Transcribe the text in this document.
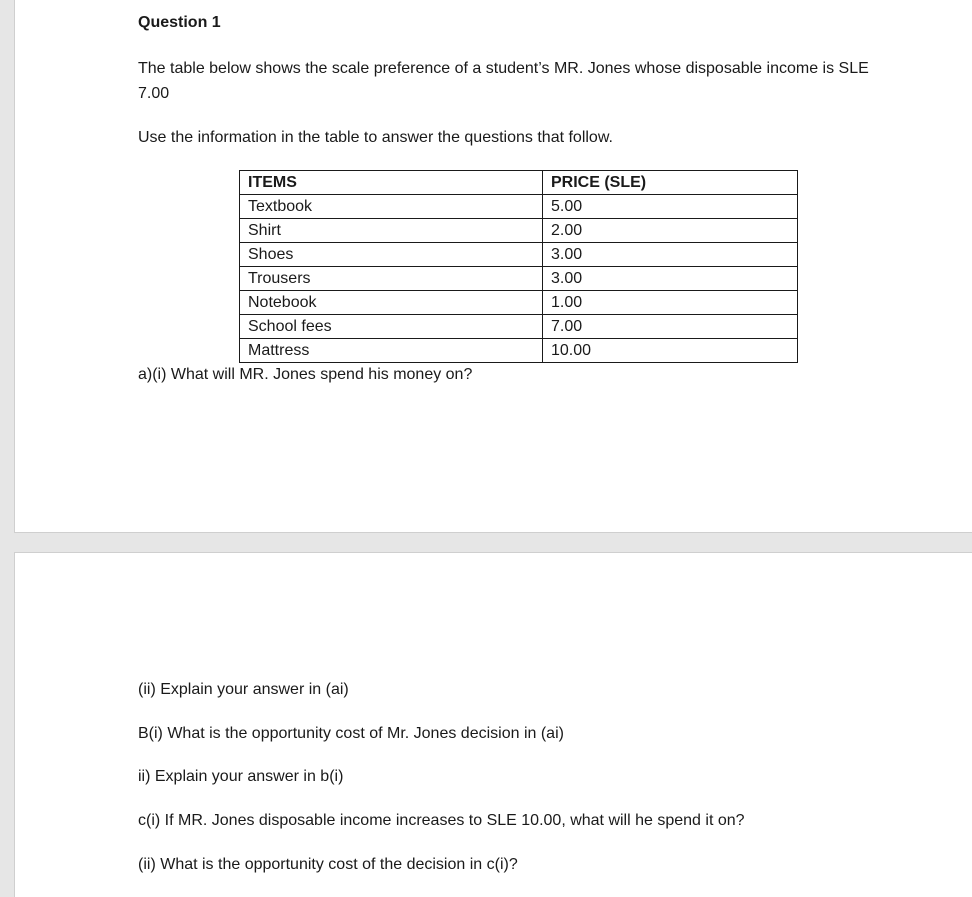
Question 1
The table below shows the scale preference of a student’s MR. Jones whose disposable income is SLE
7.00
Use the information in the table to answer the questions that follow.
ITEMS	PRICE (SLE)
Textbook	5.00
Shirt	2.00
Shoes	3.00
Trousers	3.00
Notebook	1.00
School fees	7.00
Mattress	10.00
a)(i) What will MR. Jones spend his money on?
(ii) Explain your answer in (ai)
B(i) What is the opportunity cost of Mr. Jones decision in (ai)
ii) Explain your answer in b(i)
c(i) If MR. Jones disposable income increases to SLE 10.00, what will he spend it on?
(ii) What is the opportunity cost of the decision in c(i)?
